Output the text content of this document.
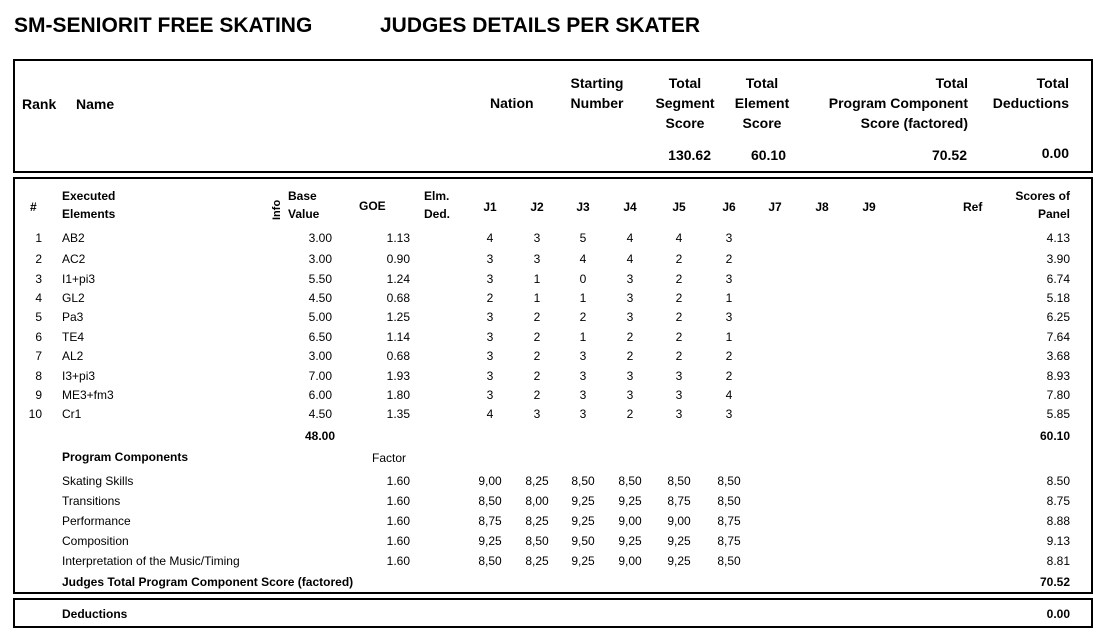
SM-SENIORIT FREE SKATING	JUDGES DETAILS PER SKATER
Rank Name	Nation
Starting
Number
Total
Segment
Score
Total
Element
Score
Total
Program Component
Score (factored)
Total
Deductions
130.62	60.10	70.52	0.00
#
Executed
Elements	Info
Base
Value
GOE
Elm.
Ded.	J1	J2	J3	J4	J5	J6	J7	J8	J9	Ref
Scores of
Panel
1 AB2	3.00	1.13	4	3	5	4	4	3	4.13
2 AC2	3.00	0.90	3	3	4	4	2	2	3.90
3 I1+pi3	5.50	1.24	3	1	0	3	2	3	6.74
4 GL2	4.50	0.68	2	1	1	3	2	1	5.18
5 Pa3	5.00	1.25	3	2	2	3	2	3	6.25
6 TE4	6.50	1.14	3	2	1	2	2	1	7.64
7 AL2	3.00	0.68	3	2	3	2	2	2	3.68
8 I3+pi3	7.00	1.93	3	2	3	3	3	2	8.93
9 ME3+fm3	6.00	1.80	3	2	3	3	3	4	7.80
10 Cr1	4.50	1.35	4	3	3	2	3	3	5.85
48.00	60.10
Program Components	Factor
Skating Skills	1.60	9,00	8,25	8,50	8,50	8,50	8,50	8.50
Transitions	1.60	8,50	8,00	9,25	9,25	8,75	8,50	8.75
Performance	1.60	8,75	8,25	9,25	9,00	9,00	8,75	8.88
Composition	1.60	9,25	8,50	9,50	9,25	9,25	8,75	9.13
Interpretation of the Music/Timing	1.60	8,50	8,25	9,25	9,00	9,25	8,50	8.81
Judges Total Program Component Score (factored)	70.52
Deductions	0.00
